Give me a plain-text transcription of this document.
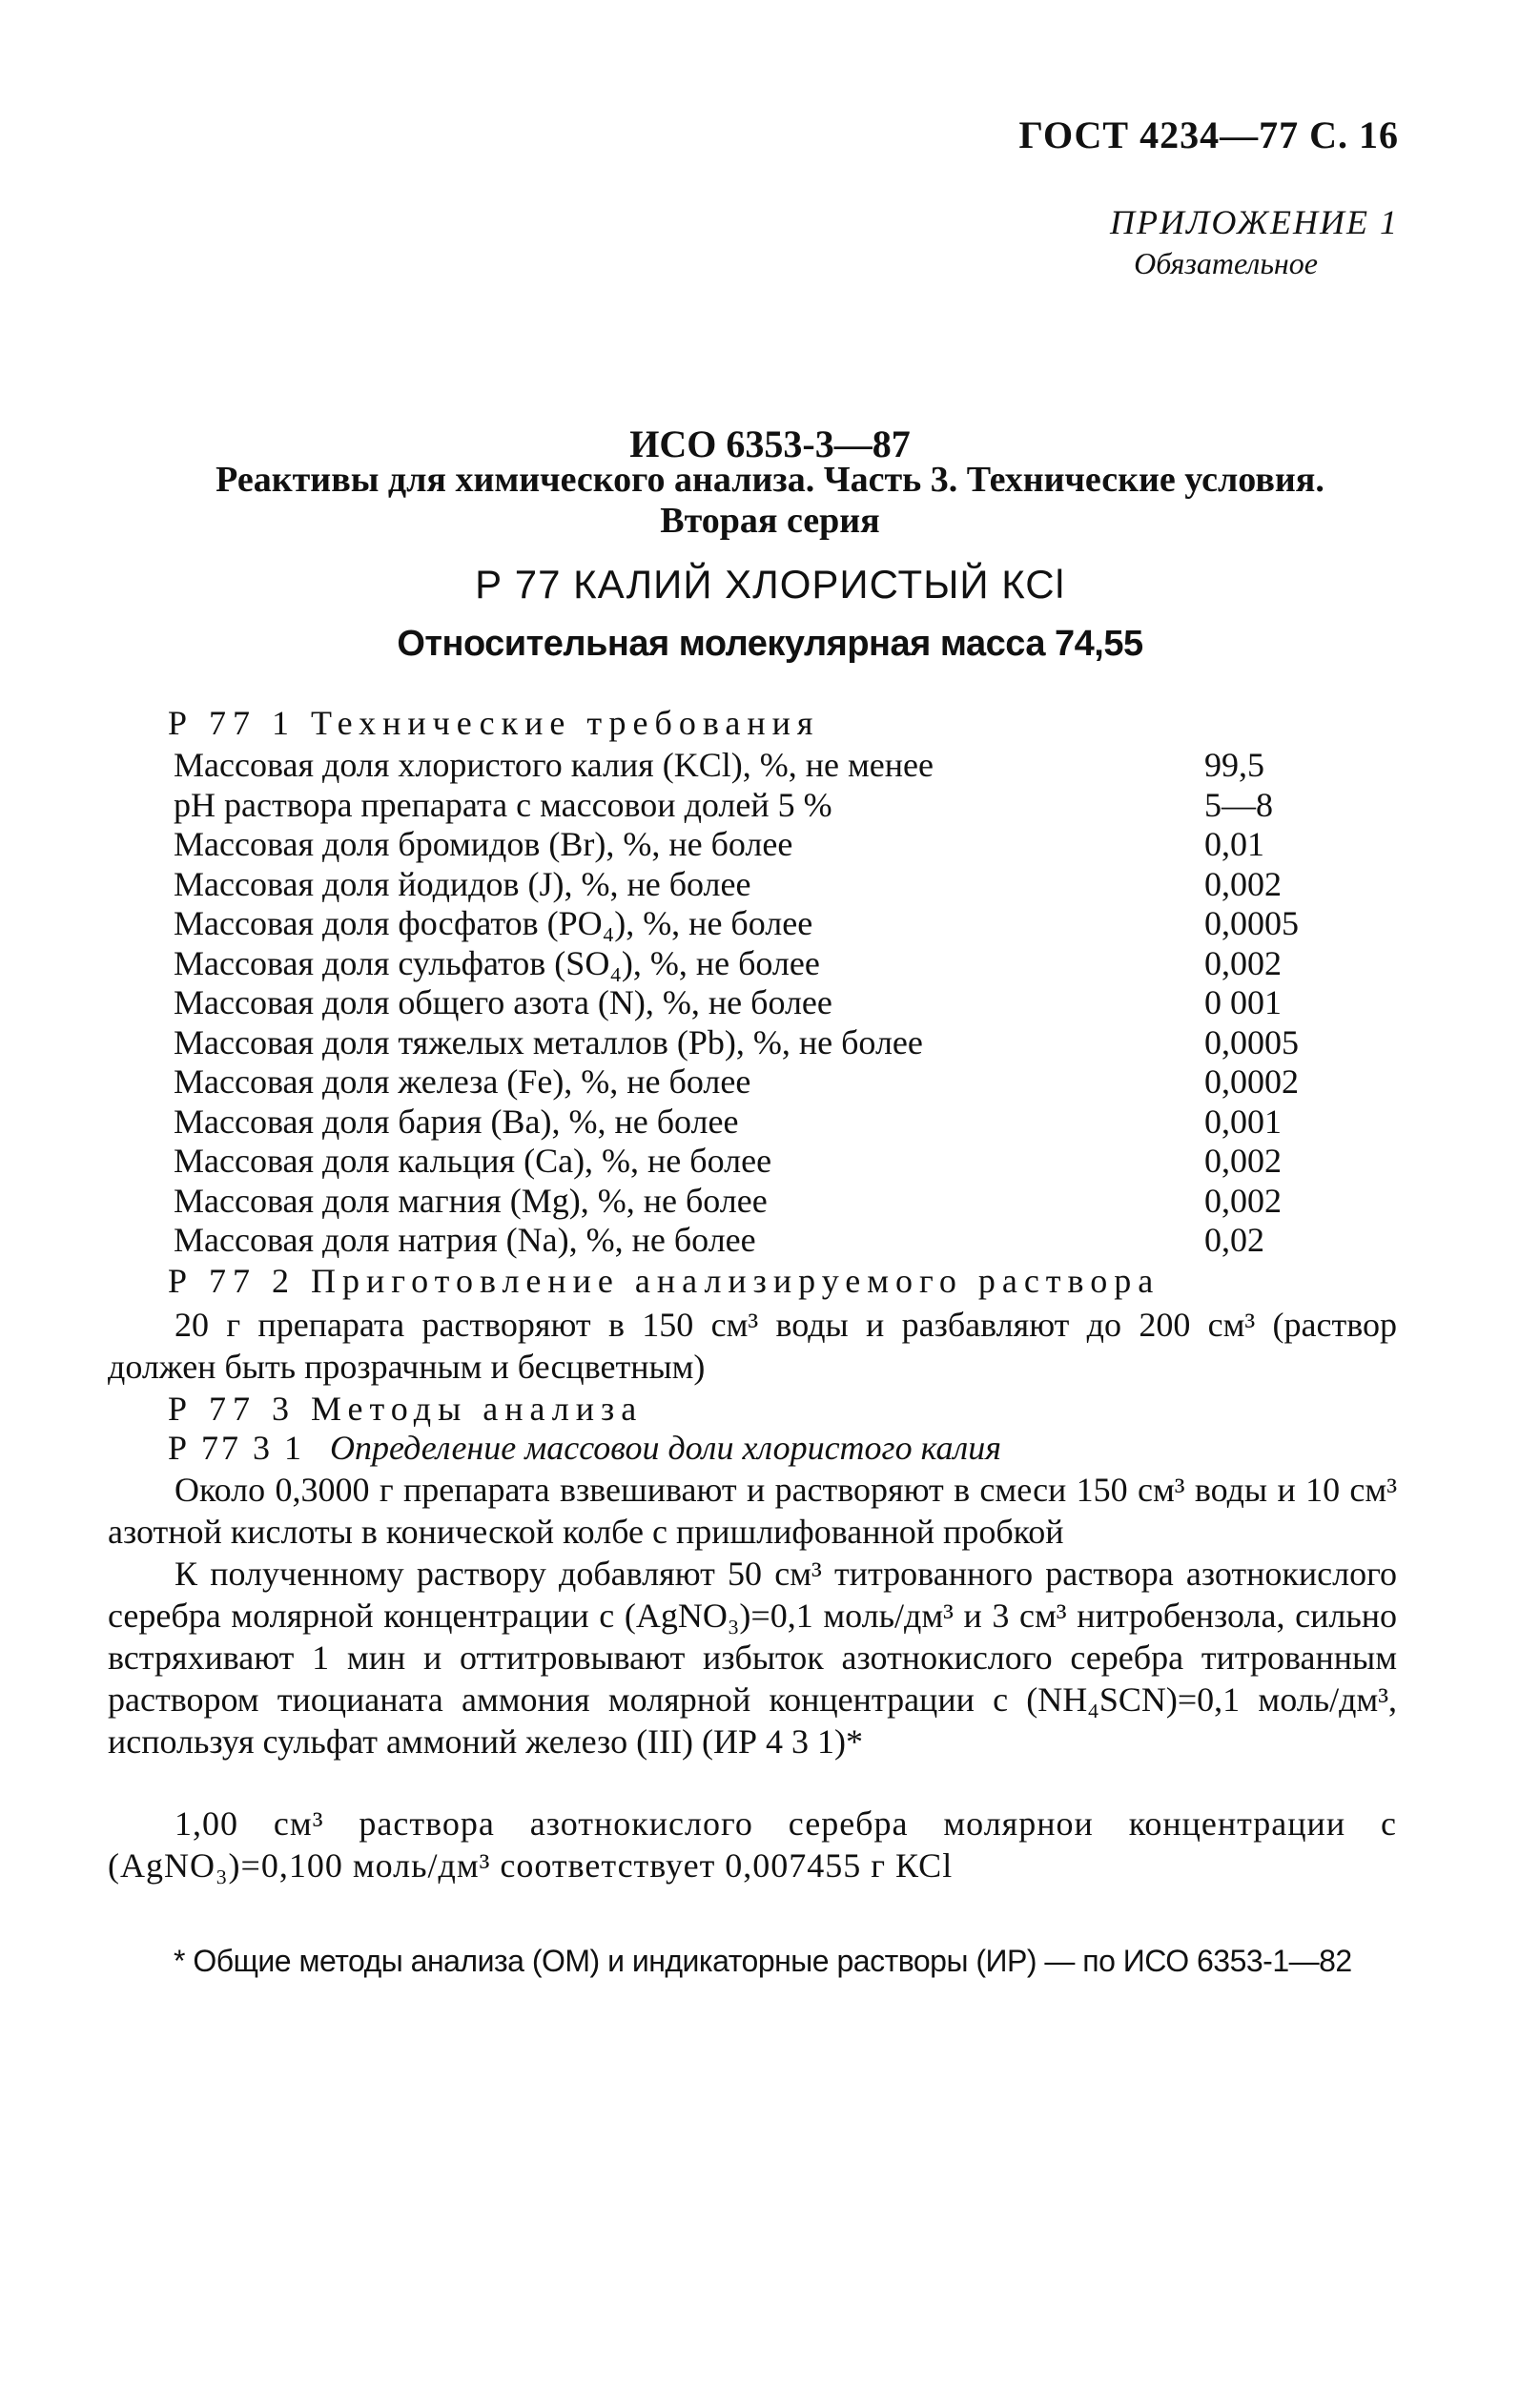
ГОСТ 4234—77 С. 16
ПРИЛОЖЕНИЕ 1
Обязательное
ИСО 6353-3—87
Реактивы для химического анализа. Часть 3. Технические условия.
Вторая серия
Р 77 КАЛИЙ ХЛОРИСТЫЙ КСl
Относительная молекулярная масса 74,55
Р 77 1 Технические требования
Массовая доля хлористого калия (KCl), %, не менее	99,5
pH раствора препарата с массовои долей 5 %	5—8
Массовая доля бромидов (Br), %, не более	0,01
Массовая доля йодидов (J), %, не более	0,002
Массовая доля фосфатов (PO₄), %, не более	0,0005
Массовая доля сульфатов (SO₄), %, не более	0,002
Массовая доля общего азота (N), %, не более	0 001
Массовая доля тяжелых металлов (Pb), %, не более	0,0005
Массовая доля железа (Fe), %, не более	0,0002
Массовая доля бария (Ba), %, не более	0,001
Массовая доля кальция (Ca), %, не более	0,002
Массовая доля магния (Mg), %, не более	0,002
Массовая доля натрия (Na), %, не более	0,02
Р 77 2 Приготовление анализируемого раствора
20 г препарата растворяют в 150 см³ воды и разбавляют до 200 см³ (раствор должен быть прозрачным и бесцветным)
Р 77 3 Методы анализа
Р 77 3 1 Определение массовои доли хлористого калия
Около 0,3000 г препарата взвешивают и растворяют в смеси 150 см³ воды и 10 см³ азотной кислоты в конической колбе с пришлифованной пробкой
К полученному раствору добавляют 50 см³ титрованного раствора азотнокислого серебра молярной концентрации c (AgNO₃)=0,1 моль/дм³ и 3 см³ нитробензола, сильно встряхивают 1 мин и оттитровывают избыток азотнокислого серебра титрованным раствором тиоцианата аммония молярной концентрации c (NH₄SCN)=0,1 моль/дм³, используя сульфат аммоний железо (III) (ИР 4 3 1)*
1,00 см³ раствора азотнокислого серебра молярнои концентрации c (AgNO₃)=0,100 моль/дм³ соответствует 0,007455 г КСl
* Общие методы анализа (ОМ) и индикаторные растворы (ИР) — по ИСО 6353-1—82
